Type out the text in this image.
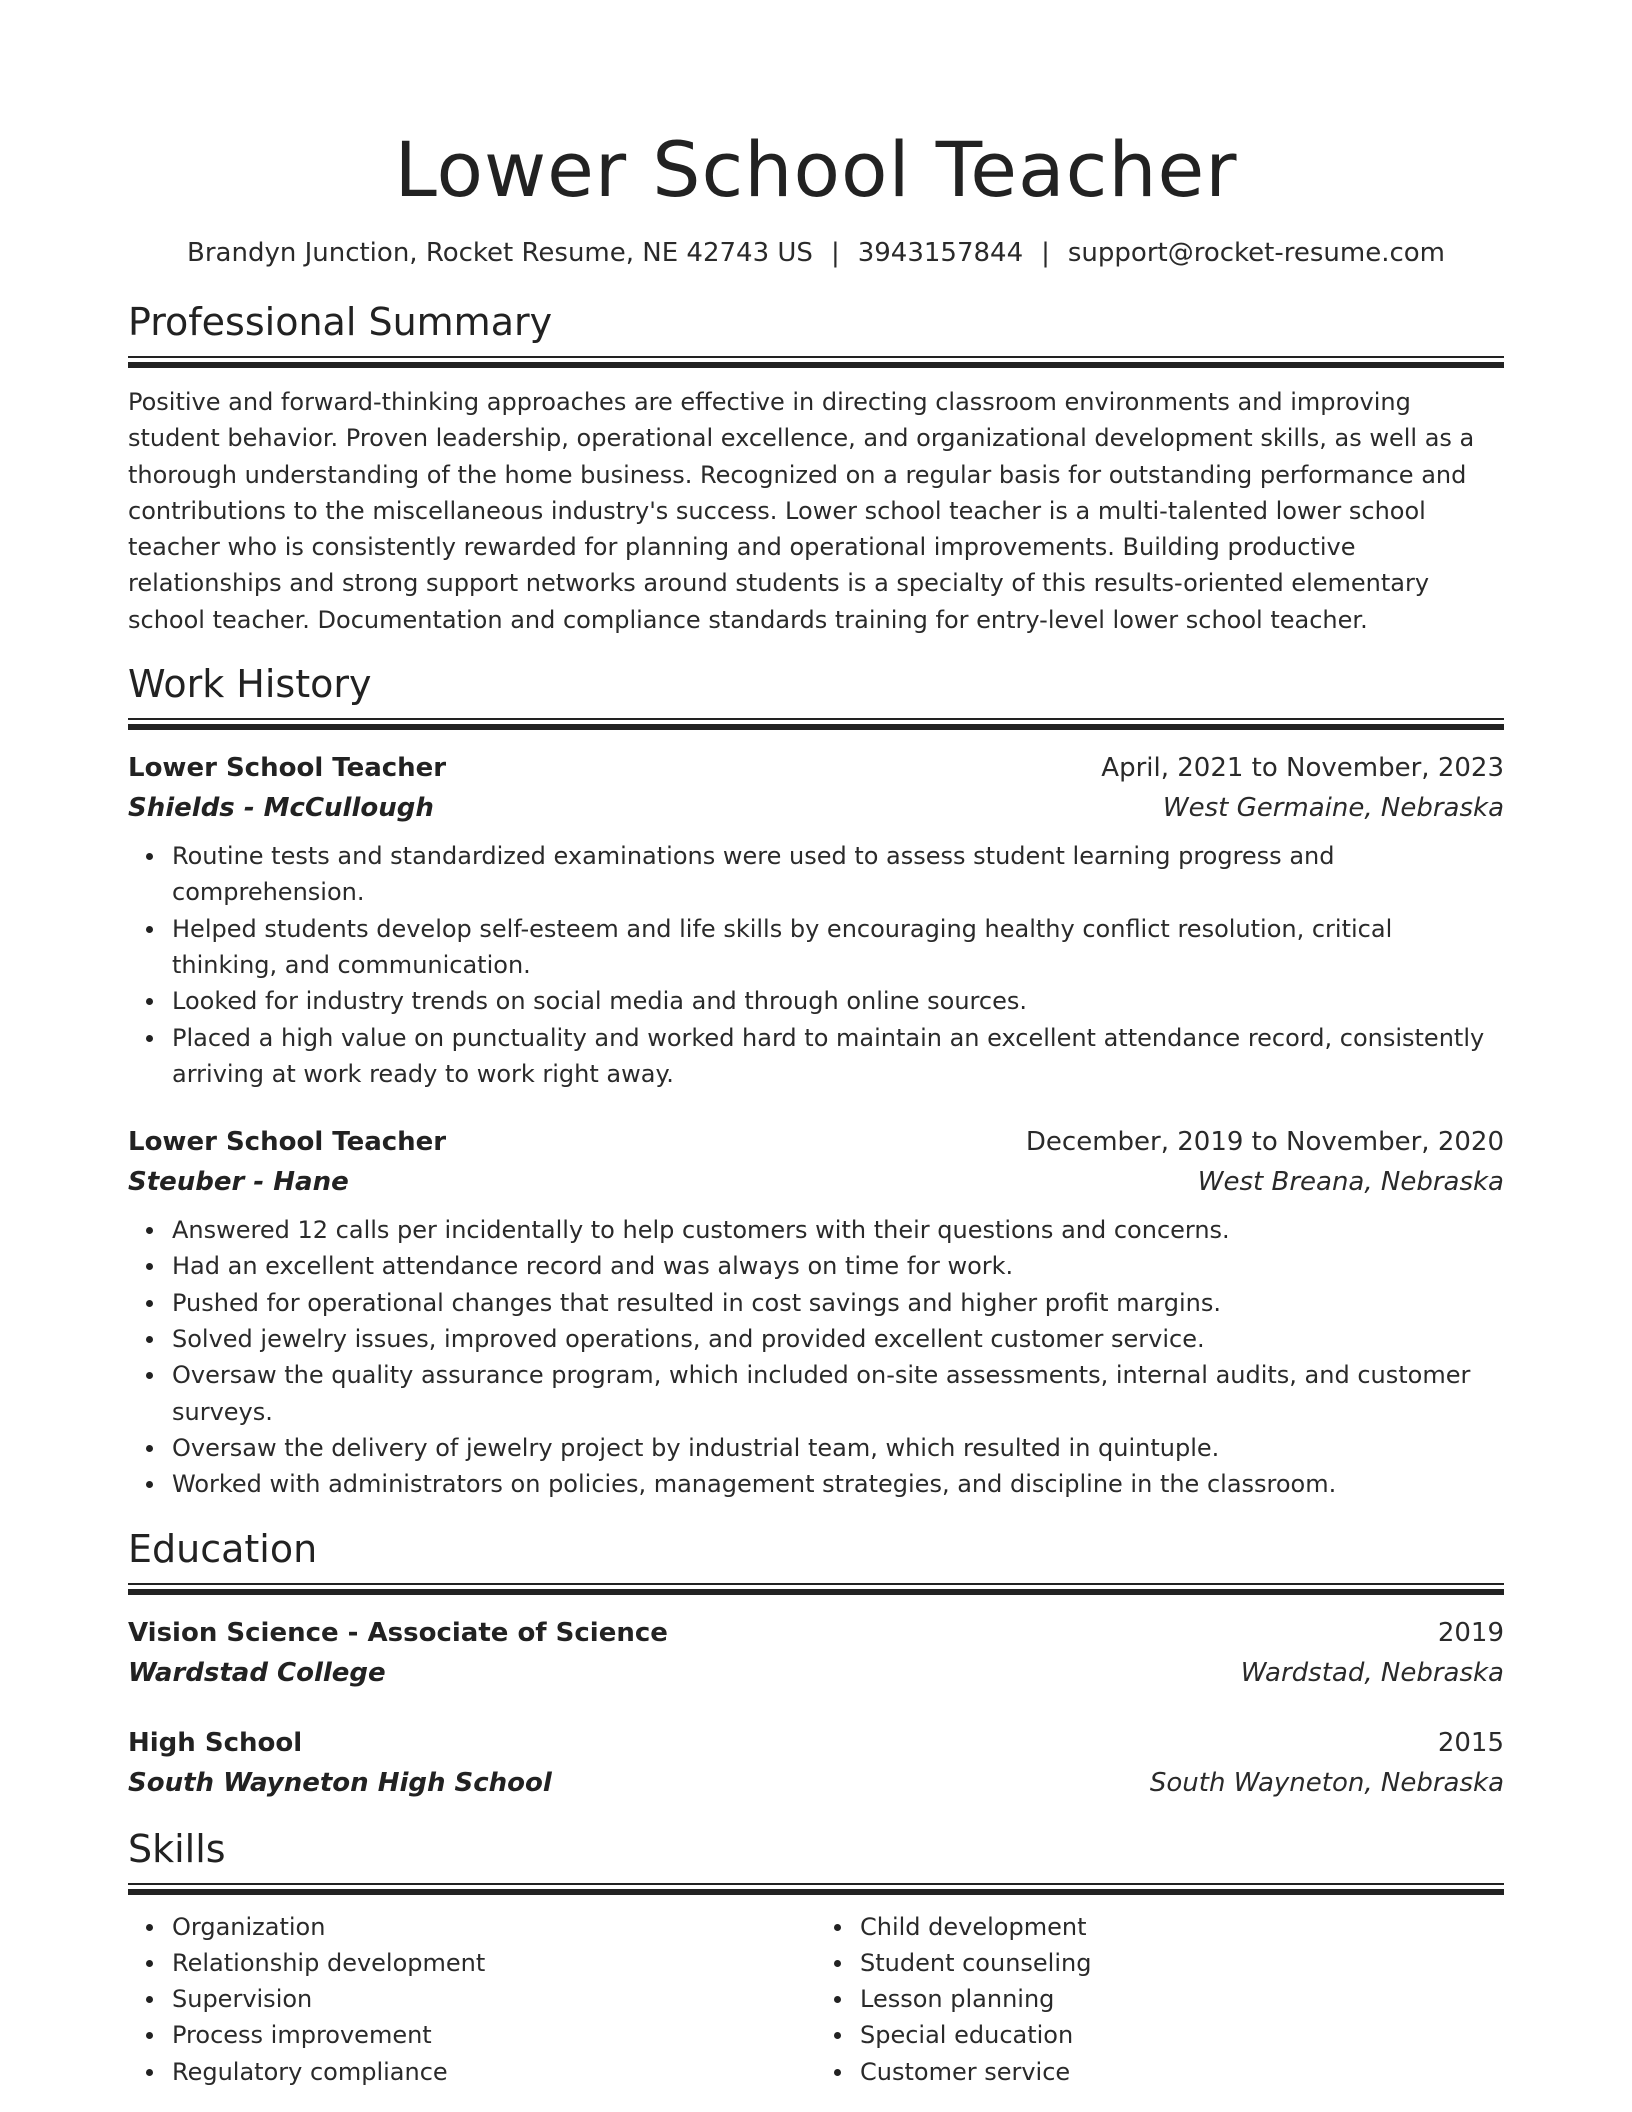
Lower School Teacher
Brandyn Junction, Rocket Resume, NE 42743 US | 3943157844 | support@rocket-resume.com
Professional Summary
Positive and forward-thinking approaches are effective in directing classroom environments and improving student behavior. Proven leadership, operational excellence, and organizational development skills, as well as a thorough understanding of the home business. Recognized on a regular basis for outstanding performance and contributions to the miscellaneous industry's success. Lower school teacher is a multi-talented lower school teacher who is consistently rewarded for planning and operational improvements. Building productive relationships and strong support networks around students is a specialty of this results-oriented elementary school teacher. Documentation and compliance standards training for entry-level lower school teacher.
Work History
Lower School Teacher	April, 2021 to November, 2023
Shields - McCullough	West Germaine, Nebraska
Routine tests and standardized examinations were used to assess student learning progress and comprehension.
Helped students develop self-esteem and life skills by encouraging healthy conflict resolution, critical thinking, and communication.
Looked for industry trends on social media and through online sources.
Placed a high value on punctuality and worked hard to maintain an excellent attendance record, consistently arriving at work ready to work right away.
Lower School Teacher	December, 2019 to November, 2020
Steuber - Hane	West Breana, Nebraska
Answered 12 calls per incidentally to help customers with their questions and concerns.
Had an excellent attendance record and was always on time for work.
Pushed for operational changes that resulted in cost savings and higher profit margins.
Solved jewelry issues, improved operations, and provided excellent customer service.
Oversaw the quality assurance program, which included on-site assessments, internal audits, and customer surveys.
Oversaw the delivery of jewelry project by industrial team, which resulted in quintuple.
Worked with administrators on policies, management strategies, and discipline in the classroom.
Education
Vision Science - Associate of Science	2019
Wardstad College	Wardstad, Nebraska
High School	2015
South Wayneton High School	South Wayneton, Nebraska
Skills
Organization
Relationship development
Supervision
Process improvement
Regulatory compliance
Child development
Student counseling
Lesson planning
Special education
Customer service
